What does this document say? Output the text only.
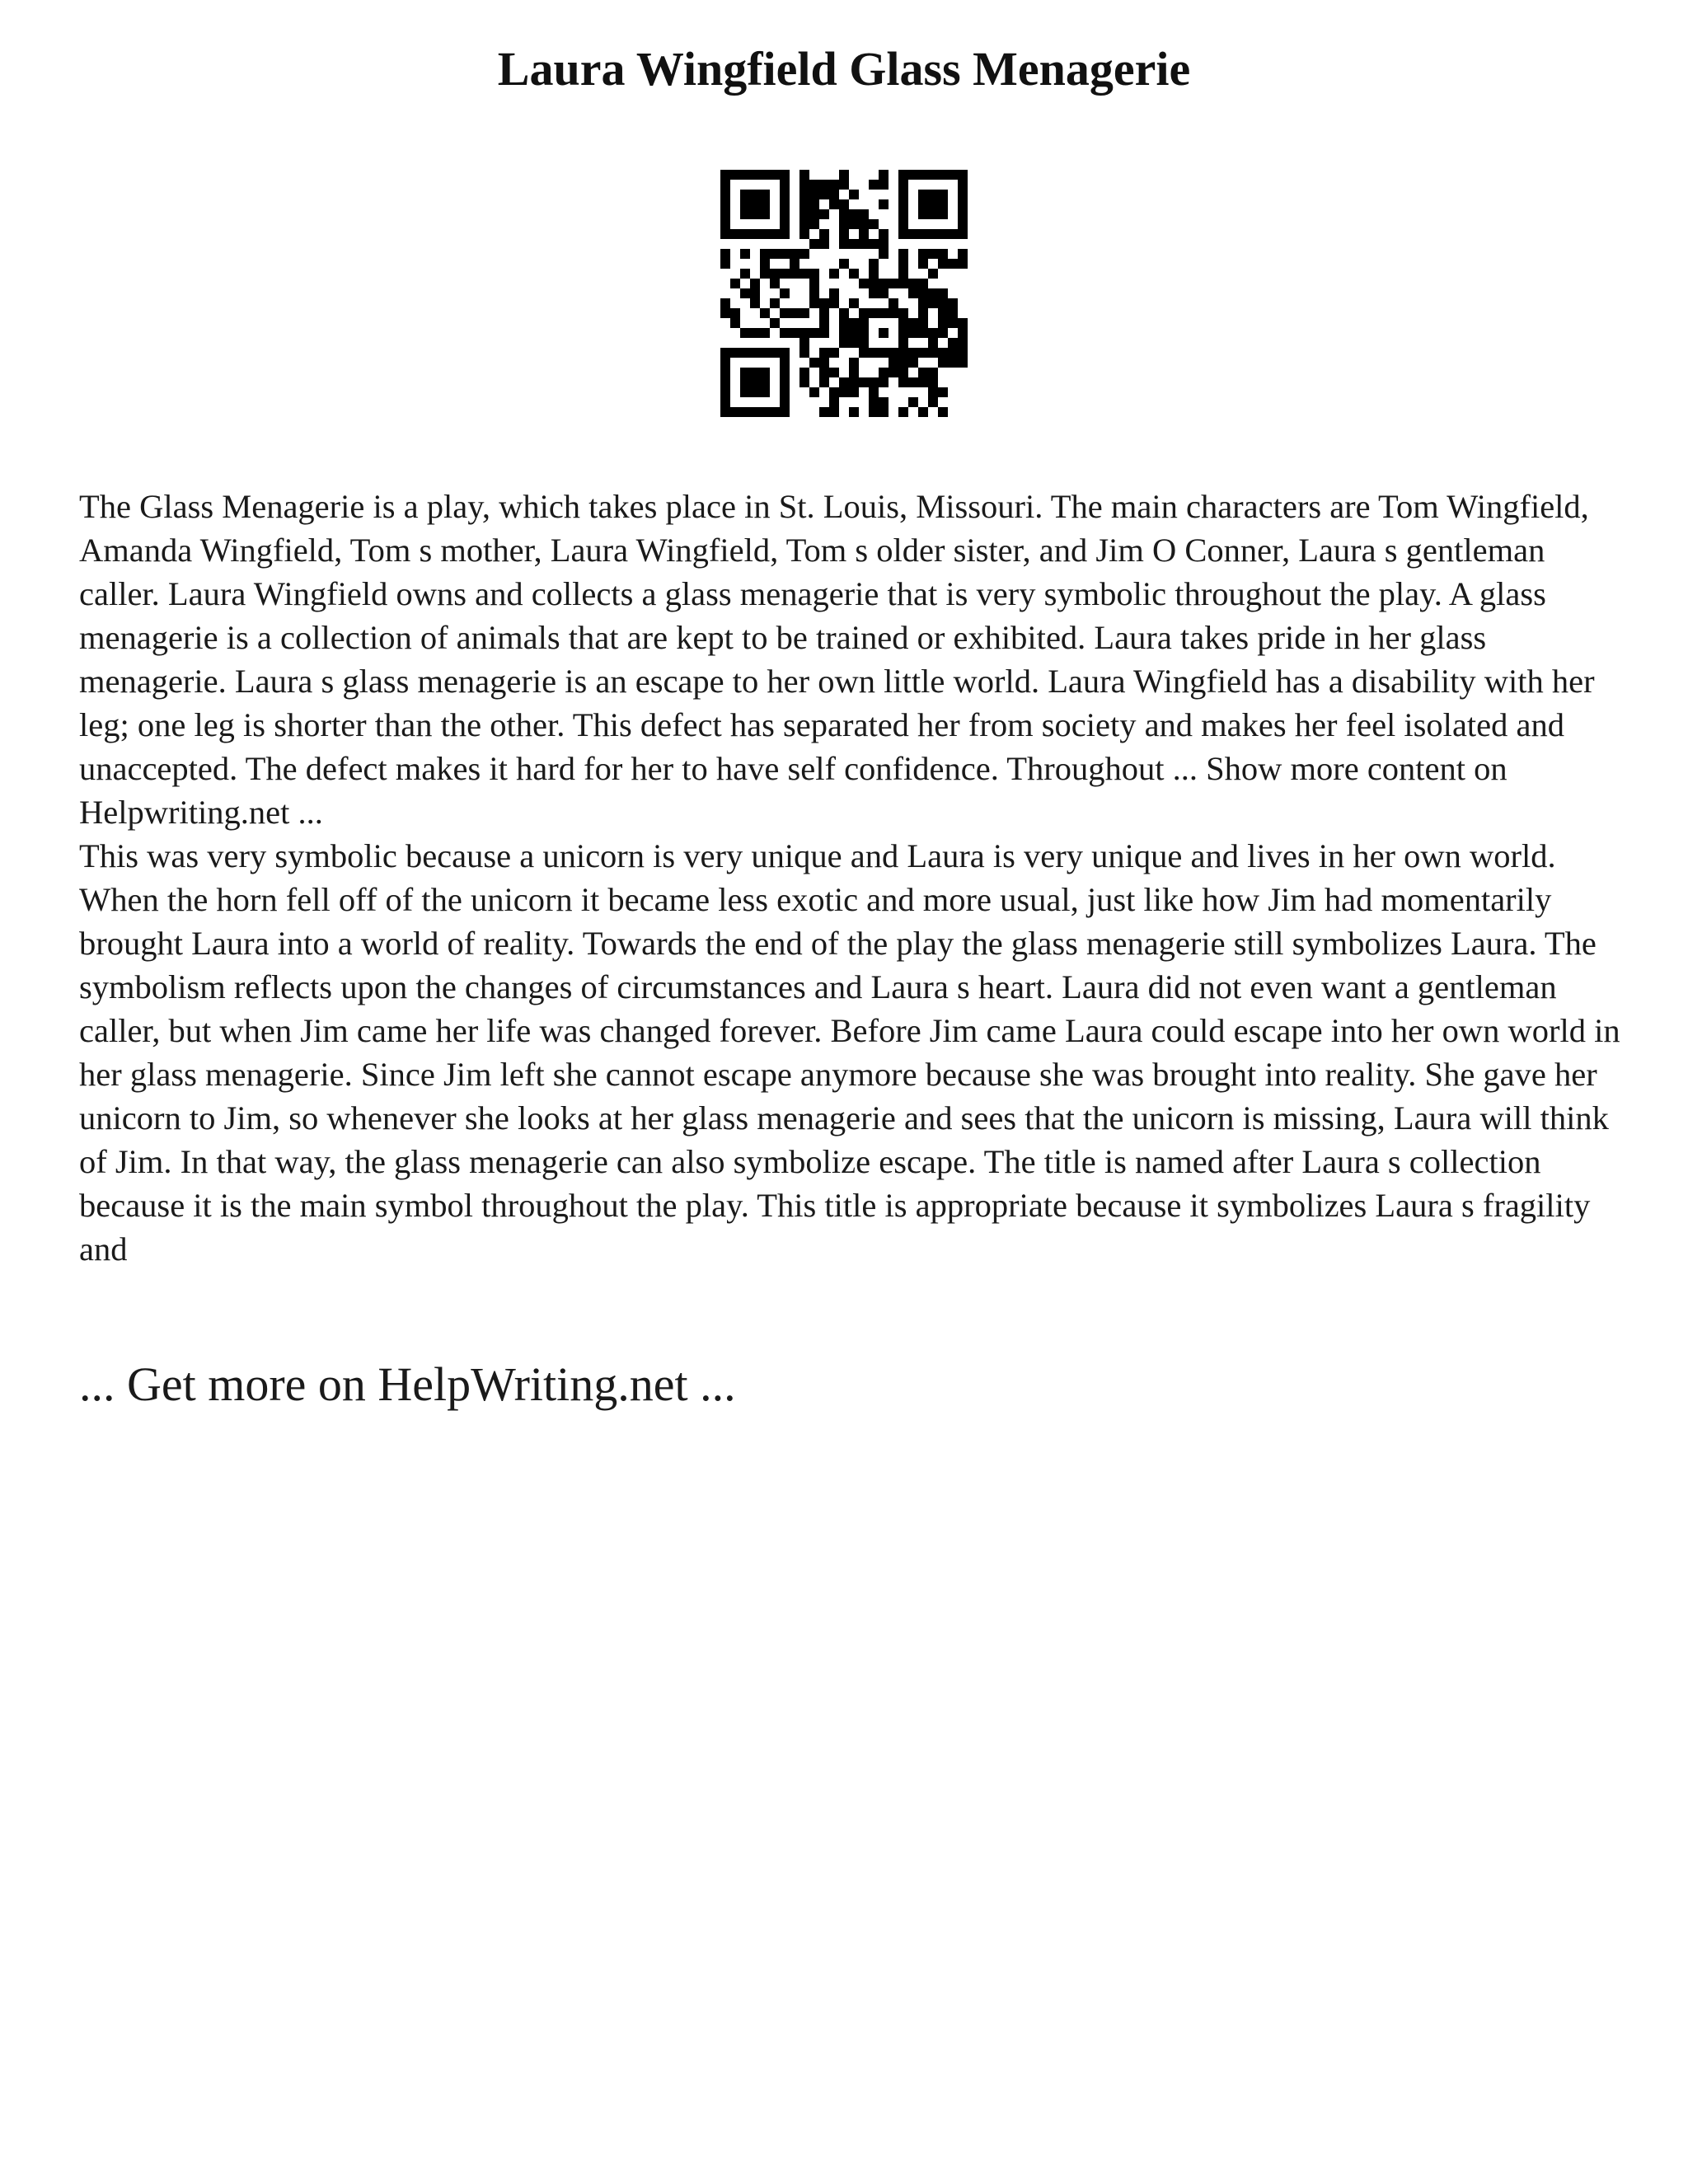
Laura Wingfield Glass Menagerie

The Glass Menagerie is a play, which takes place in St. Louis, Missouri. The main characters are Tom Wingfield, Amanda Wingfield, Tom s mother, Laura Wingfield, Tom s older sister, and Jim O Conner, Laura s gentleman caller. Laura Wingfield owns and collects a glass menagerie that is very symbolic throughout the play. A glass menagerie is a collection of animals that are kept to be trained or exhibited. Laura takes pride in her glass menagerie. Laura s glass menagerie is an escape to her own little world. Laura Wingfield has a disability with her leg; one leg is shorter than the other. This defect has separated her from society and makes her feel isolated and unaccepted. The defect makes it hard for her to have self confidence. Throughout ... Show more content on Helpwriting.net ...

This was very symbolic because a unicorn is very unique and Laura is very unique and lives in her own world. When the horn fell off of the unicorn it became less exotic and more usual, just like how Jim had momentarily brought Laura into a world of reality. Towards the end of the play the glass menagerie still symbolizes Laura. The symbolism reflects upon the changes of circumstances and Laura s heart. Laura did not even want a gentleman caller, but when Jim came her life was changed forever. Before Jim came Laura could escape into her own world in her glass menagerie. Since Jim left she cannot escape anymore because she was brought into reality. She gave her unicorn to Jim, so whenever she looks at her glass menagerie and sees that the unicorn is missing, Laura will think of Jim. In that way, the glass menagerie can also symbolize escape. The title is named after Laura s collection because it is the main symbol throughout the play. This title is appropriate because it symbolizes Laura s fragility and

... Get more on HelpWriting.net ...
